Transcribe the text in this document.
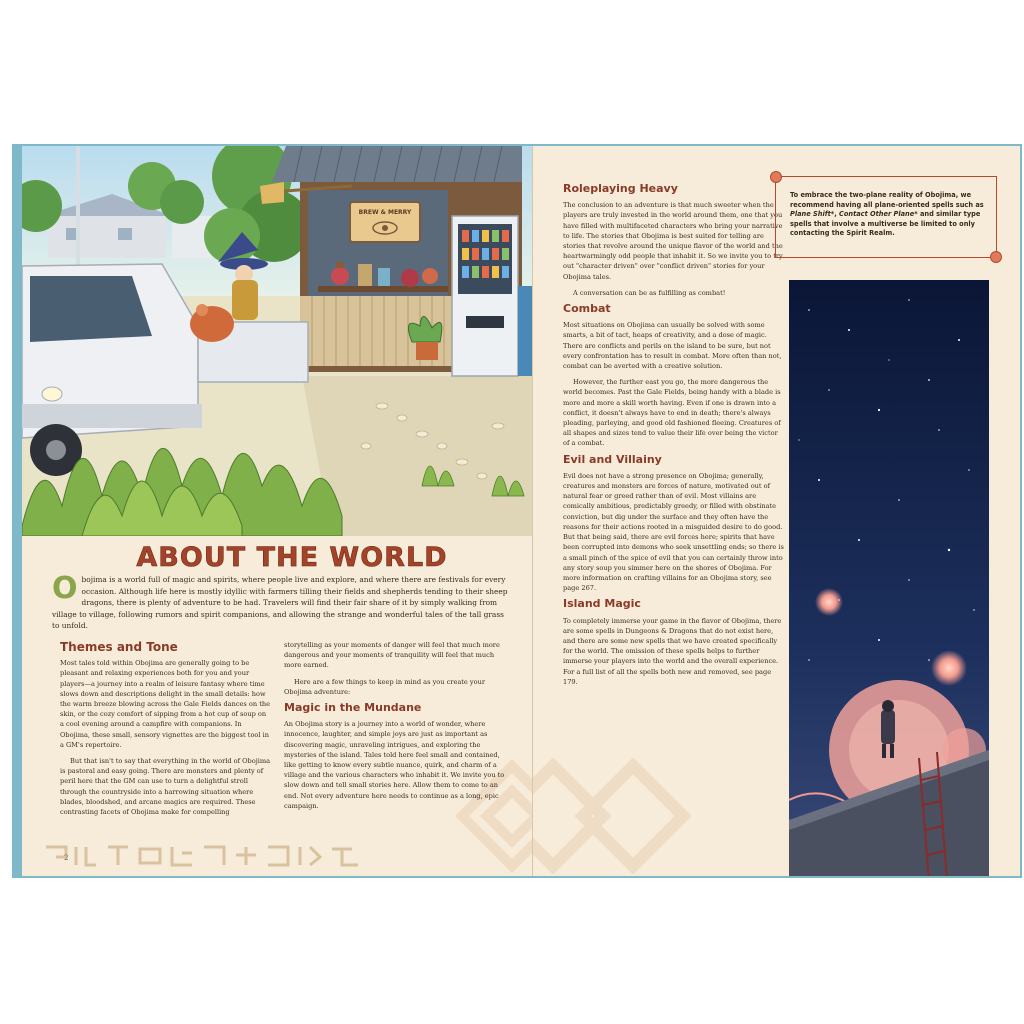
BREW & MERRY
ABOUT THE WORLD
O bojima is a world full of magic and spirits, where people live and explore, and where there are festivals for every occasion. Although life here is mostly idyllic with farmers tilling their fields and shepherds tending to their sheep dragons, there is plenty of adventure to be had. Travelers will find their fair share of it by simply walking from village to village, following rumors and spirit companions, and allowing the strange and wonderful tales of the tall grass to unfold.
Themes and Tone

Most tales told within Obojima are generally going to be pleasant and relaxing experiences both for you and your players—a journey into a realm of leisure fantasy where time slows down and descriptions delight in the small details: how the warm breeze blowing across the Gale Fields dances on the skin, or the cozy comfort of sipping from a hot cup of soup on a cool evening around a campfire with companions. In Obojima, these small, sensory vignettes are the biggest tool in a GM's repertoire.

But that isn't to say that everything in the world of Obojima is pastoral and easy going. There are monsters and plenty of peril here that the GM can use to turn a delightful stroll through the countryside into a harrowing situation where blades, bloodshed, and arcane magics are required. These contrasting facets of Obojima make for compelling

storytelling as your moments of danger will feel that much more dangerous and your moments of tranquility will feel that much more earned.

Here are a few things to keep in mind as you create your Obojima adventure:

Magic in the Mundane

An Obojima story is a journey into a world of wonder, where innocence, laughter, and simple joys are just as important as discovering magic, unraveling intrigues, and exploring the mysteries of the island. Tales told here feel small and contained, like getting to know every subtle nuance, quirk, and charm of a village and the various characters who inhabit it. We invite you to slow down and tell small stories here. Allow them to come to an end. Not every adventure here needs to continue as a long, epic campaign.

2
Roleplaying Heavy

The conclusion to an adventure is that much sweeter when the players are truly invested in the world around them, one that you have filled with multifaceted characters who bring your narrative to life. The stories that Obojima is best suited for telling are stories that revolve around the unique flavor of the world and the heartwarmingly odd people that inhabit it. So we invite you to try out "character driven" over "conflict driven" stories for your Obojima tales.

A conversation can be as fulfilling as combat!

Combat

Most situations on Obojima can usually be solved with some smarts, a bit of tact, heaps of creativity, and a dose of magic. There are conflicts and perils on the island to be sure, but not every confrontation has to result in combat. More often than not, combat can be averted with a creative solution.

However, the further east you go, the more dangerous the world becomes. Past the Gale Fields, being handy with a blade is more and more a skill worth having. Even if one is drawn into a conflict, it doesn't always have to end in death; there's always pleading, parleying, and good old fashioned fleeing. Creatures of all shapes and sizes tend to value their life over being the victor of a combat.

Evil and Villainy

Evil does not have a strong presence on Obojima; generally, creatures and monsters are forces of nature, motivated out of natural fear or greed rather than of evil. Most villains are comically ambitious, predictably greedy, or filled with obstinate conviction, but dig under the surface and they often have the reasons for their actions rooted in a misguided desire to do good. But that being said, there are evil forces here; spirits that have been corrupted into demons who seek unsettling ends; so there is a small pinch of the spice of evil that you can certainly throw into any story soup you simmer here on the shores of Obojima. For more information on crafting villains for an Obojima story, see page 267.

Island Magic

To completely immerse your game in the flavor of Obojima, there are some spells in Dungeons & Dragons that do not exist here, and there are some new spells that we have created specifically for the world. The omission of these spells helps to further immerse your players into the world and the overall experience. For a full list of all the spells both new and removed, see page 179.

To embrace the two-plane reality of Obojima, we recommend having all plane-oriented spells such as Plane Shift*, Contact Other Plane* and similar type spells that involve a multiverse be limited to only contacting the Spirit Realm.
